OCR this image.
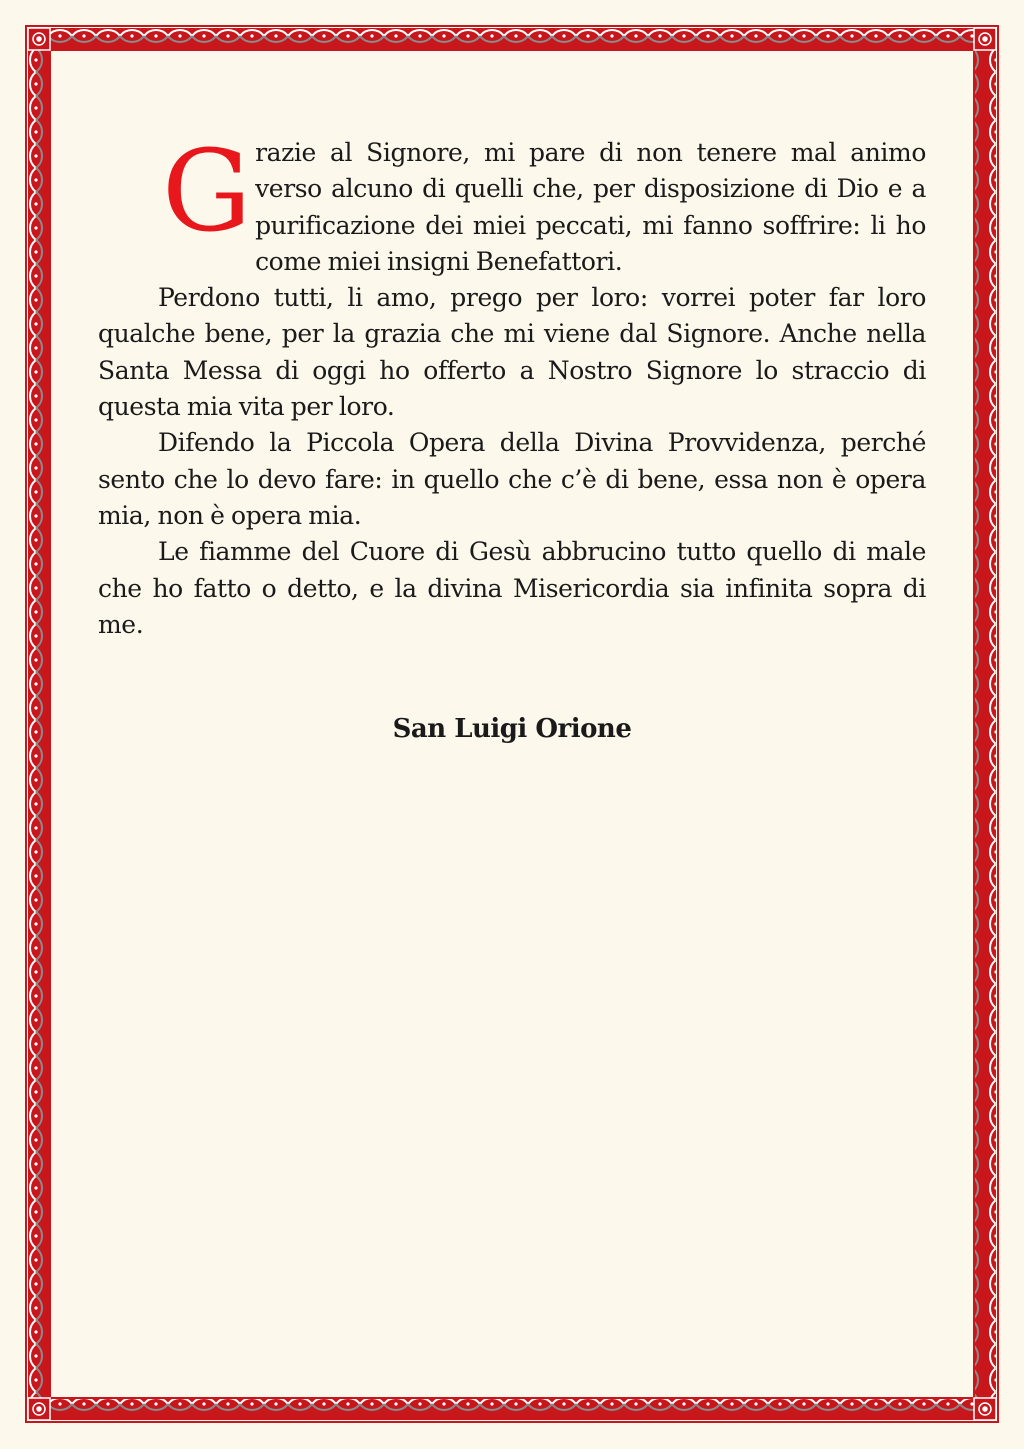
Grazie al Signore, mi pare di non tenere mal animo verso alcuno di quelli che, per disposizione di Dio e a purificazione dei miei peccati, mi fanno soffrire: li ho come miei insigni Benefattori.

Perdono tutti, li amo, prego per loro: vorrei poter far loro qualche bene, per la grazia che mi viene dal Signore. Anche nella Santa Messa di oggi ho offerto a Nostro Signore lo straccio di questa mia vita per loro.

Difendo la Piccola Opera della Divina Provvidenza, perché sento che lo devo fare: in quello che c’è di bene, essa non è opera mia, non è opera mia.

Le fiamme del Cuore di Gesù abbrucino tutto quello di male che ho fatto o detto, e la divina Misericordia sia infinita sopra di me.

San Luigi Orione
